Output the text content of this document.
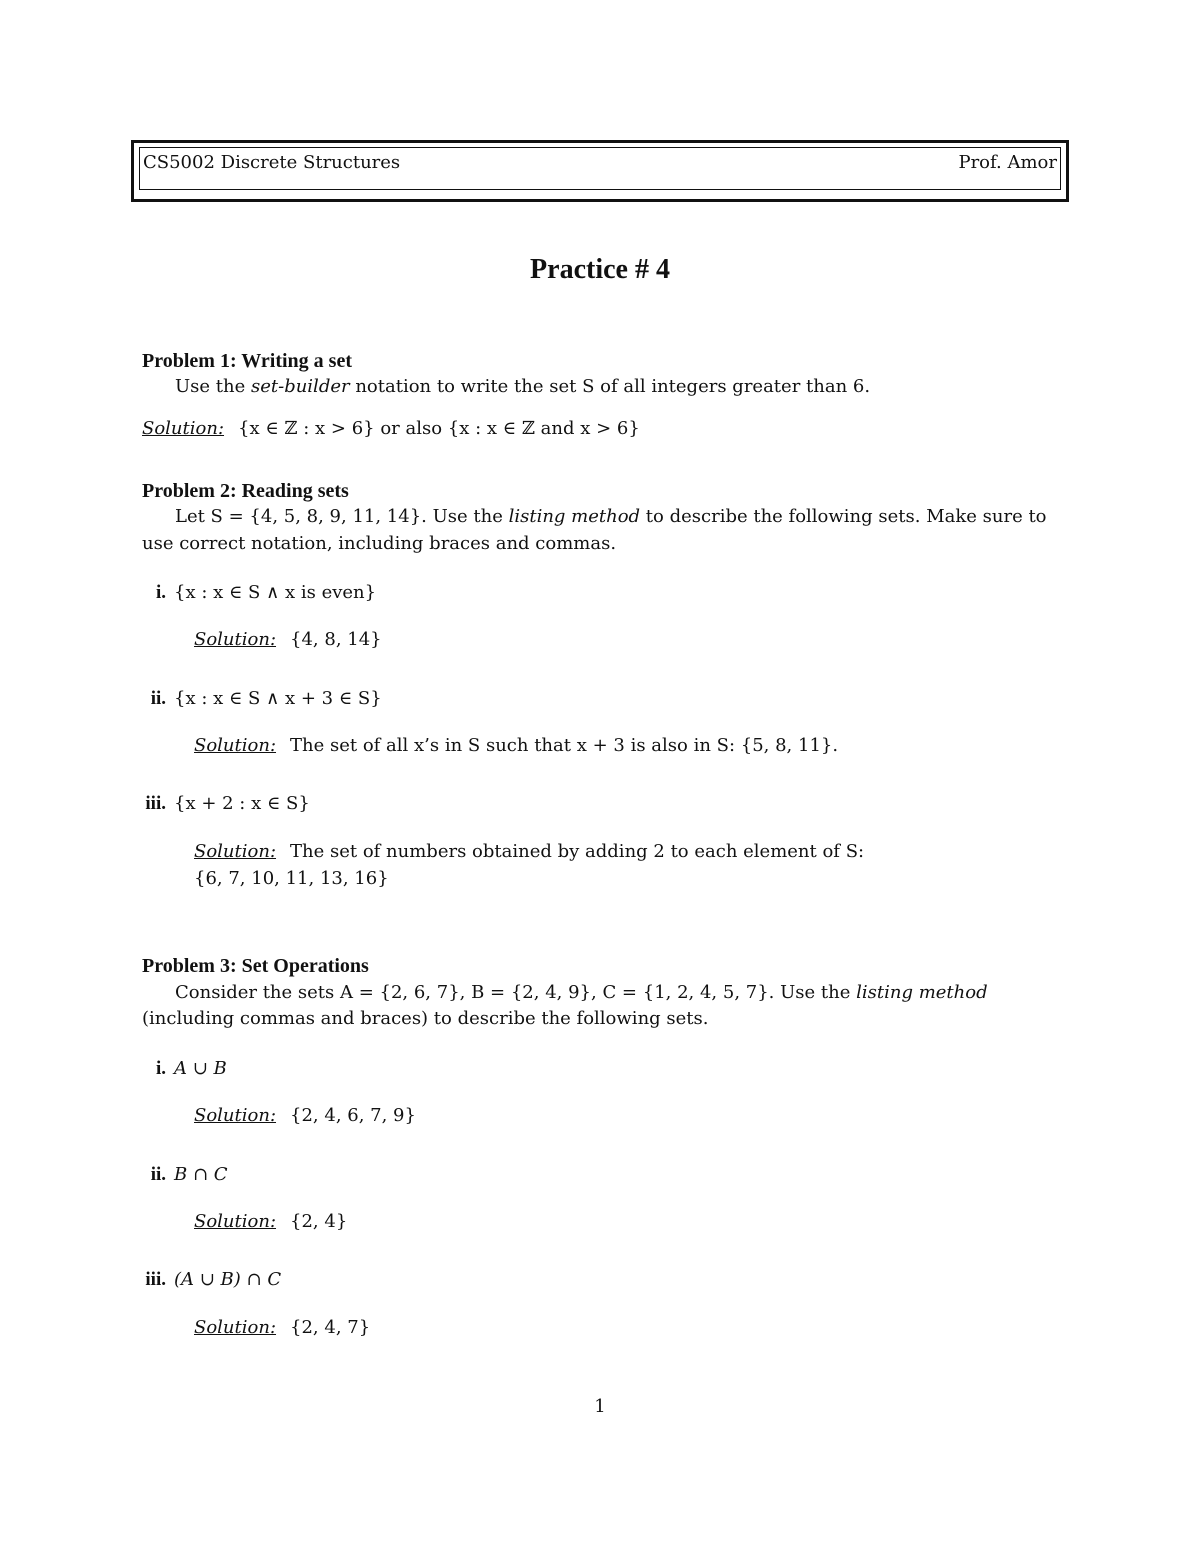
CS5002 Discrete Structures	Prof. Amor
Practice # 4
Problem 1: Writing a set
Use the set-builder notation to write the set S of all integers greater than 6.
Solution: {x ∈ ℤ : x > 6} or also {x : x ∈ ℤ and x > 6}
Problem 2: Reading sets
Let S = {4, 5, 8, 9, 11, 14}. Use the listing method to describe the following sets. Make sure to
use correct notation, including braces and commas.
i. {x : x ∈ S ∧ x is even}
Solution: {4, 8, 14}
ii. {x : x ∈ S ∧ x + 3 ∈ S}
Solution: The set of all x’s in S such that x + 3 is also in S: {5, 8, 11}.
iii. {x + 2 : x ∈ S}
Solution: The set of numbers obtained by adding 2 to each element of S:
{6, 7, 10, 11, 13, 16}
Problem 3: Set Operations
Consider the sets A = {2, 6, 7}, B = {2, 4, 9}, C = {1, 2, 4, 5, 7}. Use the listing method
(including commas and braces) to describe the following sets.
i. A ∪ B
Solution: {2, 4, 6, 7, 9}
ii. B ∩ C
Solution: {2, 4}
iii. (A ∪ B) ∩ C
Solution: {2, 4, 7}
1
